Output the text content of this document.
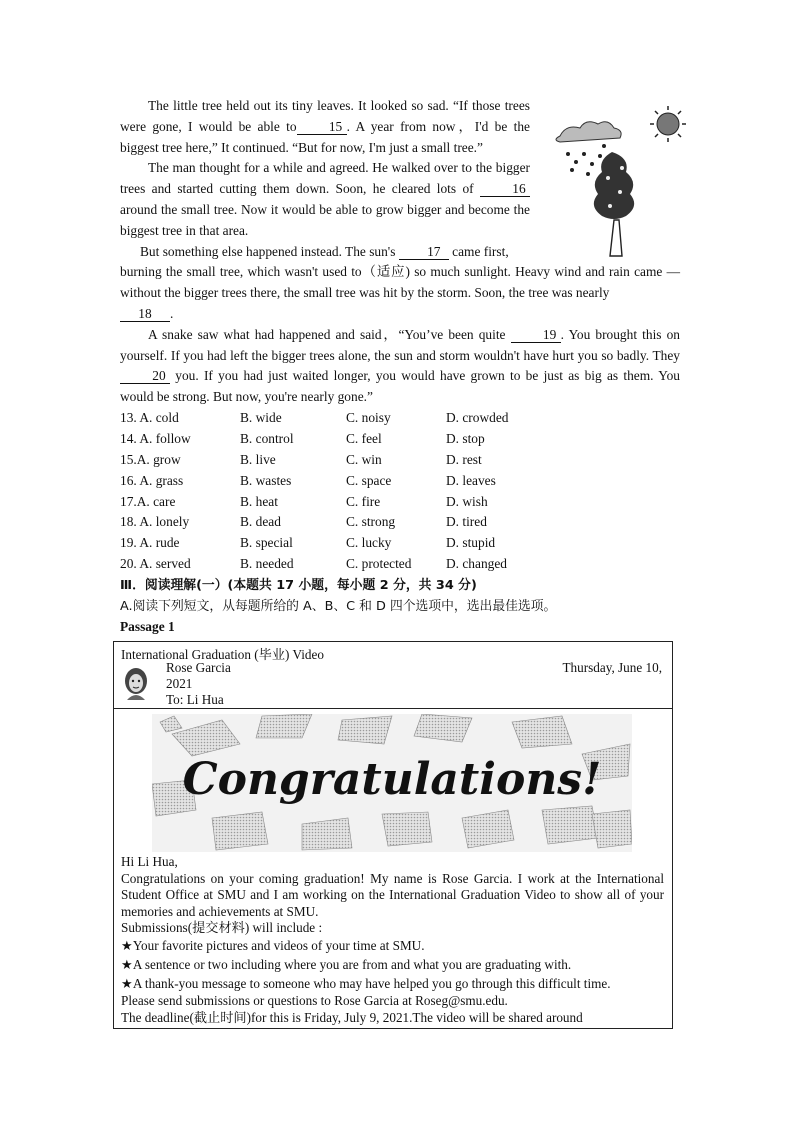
The little tree held out its tiny leaves. It looked so sad. “If those trees were gone, I would be able to 15 . A year from now，I'd be the biggest tree here,” It continued. “But for now, I'm just a small tree.”

The man thought for a while and agreed. He walked over to the bigger trees and started cutting them down. Soon, he cleared lots of	16 around the small tree. Now it would be able to grow bigger and become the biggest tree in that area.

But something else happened instead. The sun's 17 came first,

burning the small tree, which wasn't used to（适应) so much sunlight. Heavy wind and rain came — without the bigger trees there, the small tree was hit by the storm. Soon, the tree was nearly
18 .

A snake saw what had happened and said，“You’ve been quite	19 . You brought this on yourself. If you had left the bigger trees alone, the sun and storm wouldn't have hurt you so badly. They 20 you. If you had just waited longer, you would have grown to be just as big as them. You would be strong. But now, you're nearly gone.”

13. A. cold	B. wide	C. noisy	D. crowded
14. A. follow	B. control	C. feel	D. stop
15.A. grow	B. live	C. win	D. rest
16. A. grass	B. wastes	C. space	D. leaves
17.A. care	B. heat	C. fire	D. wish
18. A. lonely	B. dead	C. strong	D. tired
19. A. rude	B. special	C. lucky	D. stupid
20. A. served	B. needed	C. protected	D. changed
Ⅲ．阅读理解(一）(本题共 17 小题，每小题 2 分，共 34 分)
A.阅读下列短文，从每题所给的 A、B、C 和 D 四个选项中，选出最佳选项。
Passage 1
International Graduation (毕业) Video
Rose Garcia	Thursday, June 10,
2021
To: Li Hua
Congratulations!

Hi Li Hua,

Congratulations on your coming graduation! My name is Rose Garcia. I work at the International Student Office at SMU and I am working on the International Graduation Video to show all of your memories and achievements at SMU.

Submissions(提交材料) will include :

★Your favorite pictures and videos of your time at SMU.

★A sentence or two including where you are from and what you are graduating with.

★A thank-you message to someone who may have helped you go through this difficult time.

Please send submissions or questions to Rose Garcia at Roseg@smu.edu.

The deadline(截止时间)for this is Friday, July 9, 2021.The video will be shared around
